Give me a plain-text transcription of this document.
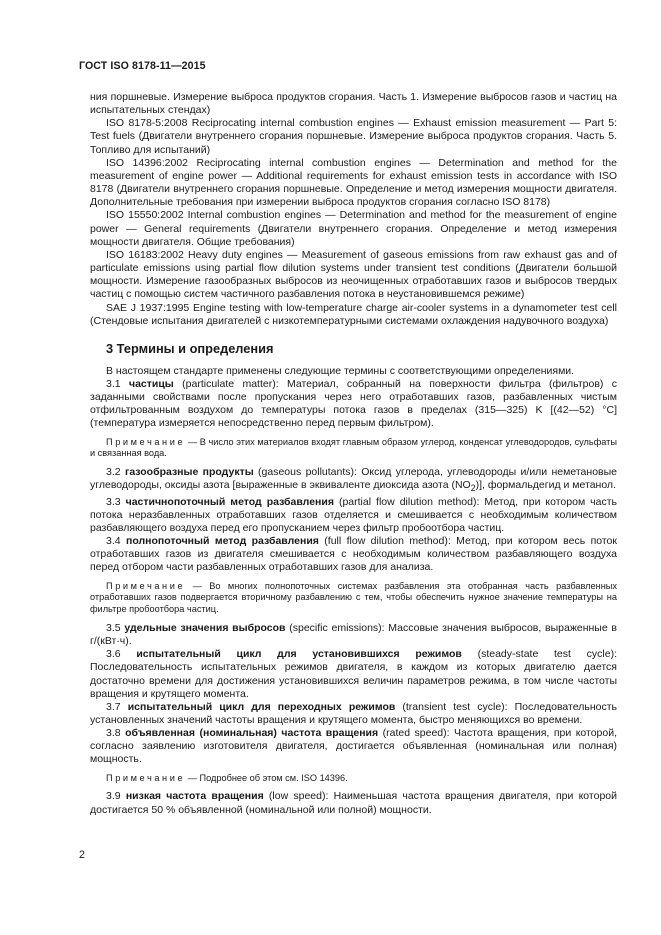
ГОСТ ISO 8178-11—2015

ния поршневые. Измерение выброса продуктов сгорания. Часть 1. Измерение выбросов газов и частиц на испытательных стендах)

ISO 8178-5:2008 Reciprocating internal combustion engines — Exhaust emission measurement — Part 5: Test fuels (Двигатели внутреннего сгорания поршневые. Измерение выброса продуктов сгорания. Часть 5. Топливо для испытаний)

ISO 14396:2002 Reciprocating internal combustion engines — Determination and method for the measurement of engine power — Additional requirements for exhaust emission tests in accordance with ISO 8178 (Двигатели внутреннего сгорания поршневые. Определение и метод измерения мощности двигателя. Дополнительные требования при измерении выброса продуктов сгорания согласно ISO 8178)

ISO 15550:2002 Internal combustion engines — Determination and method for the measurement of engine power — General requirements (Двигатели внутреннего сгорания. Определение и метод измерения мощности двигателя. Общие требования)

ISO 16183:2002 Heavy duty engines — Measurement of gaseous emissions from raw exhaust gas and of particulate emissions using partial flow dilution systems under transient test conditions (Двигатели большой мощности. Измерение газообразных выбросов из неочищенных отработавших газов и выбросов твердых частиц с помощью систем частичного разбавления потока в неустановившемся режиме)

SAE J 1937:1995 Engine testing with low-temperature charge air-cooler systems in a dynamometer test cell (Стендовые испытания двигателей с низкотемпературными системами охлаждения надувочного воздуха)

3 Термины и определения

В настоящем стандарте применены следующие термины с соответствующими определениями.

3.1 частицы (particulate matter): Материал, собранный на поверхности фильтра (фильтров) с заданными свойствами после пропускания через него отработавших газов, разбавленных чистым отфильтрованным воздухом до температуры потока газов в пределах (315—325) K [(42—52) °С] (температура измеряется непосредственно перед первым фильтром).

Примечание — В число этих материалов входят главным образом углерод, конденсат углеводородов, сульфаты и связанная вода.

3.2 газообразные продукты (gaseous pollutants): Оксид углерода, углеводороды и/или неметановые углеводороды, оксиды азота [выраженные в эквиваленте диоксида азота $(NO_2)$], формальдегид и метанол.

3.3 частичнопоточный метод разбавления (partial flow dilution method): Метод, при котором часть потока неразбавленных отработавших газов отделяется и смешивается с необходимым количеством разбавляющего воздуха перед его пропусканием через фильтр пробоотбора частиц.

3.4 полнопоточный метод разбавления (full flow dilution method): Метод, при котором весь поток отработавших газов из двигателя смешивается с необходимым количеством разбавляющего воздуха перед отбором части разбавленных отработавших газов для анализа.

Примечание — Во многих полнопоточных системах разбавления эта отобранная часть разбавленных отработавших газов подвергается вторичному разбавлению с тем, чтобы обеспечить нужное значение температуры на фильтре пробоотбора частиц.

3.5 удельные значения выбросов (specific emissions): Массовые значения выбросов, выраженные в г/(кВт·ч).

3.6 испытательный цикл для установившихся режимов (steady-state test cycle): Последовательность испытательных режимов двигателя, в каждом из которых двигателю дается достаточно времени для достижения установившихся величин параметров режима, в том числе частоты вращения и крутящего момента.

3.7 испытательный цикл для переходных режимов (transient test cycle): Последовательность установленных значений частоты вращения и крутящего момента, быстро меняющихся во времени.

3.8 объявленная (номинальная) частота вращения (rated speed): Частота вращения, при которой, согласно заявлению изготовителя двигателя, достигается объявленная (номинальная или полная) мощность.

Примечание — Подробнее об этом см. ISO 14396.

3.9 низкая частота вращения (low speed): Наименьшая частота вращения двигателя, при которой достигается 50 % объявленной (номинальной или полной) мощности.

2
